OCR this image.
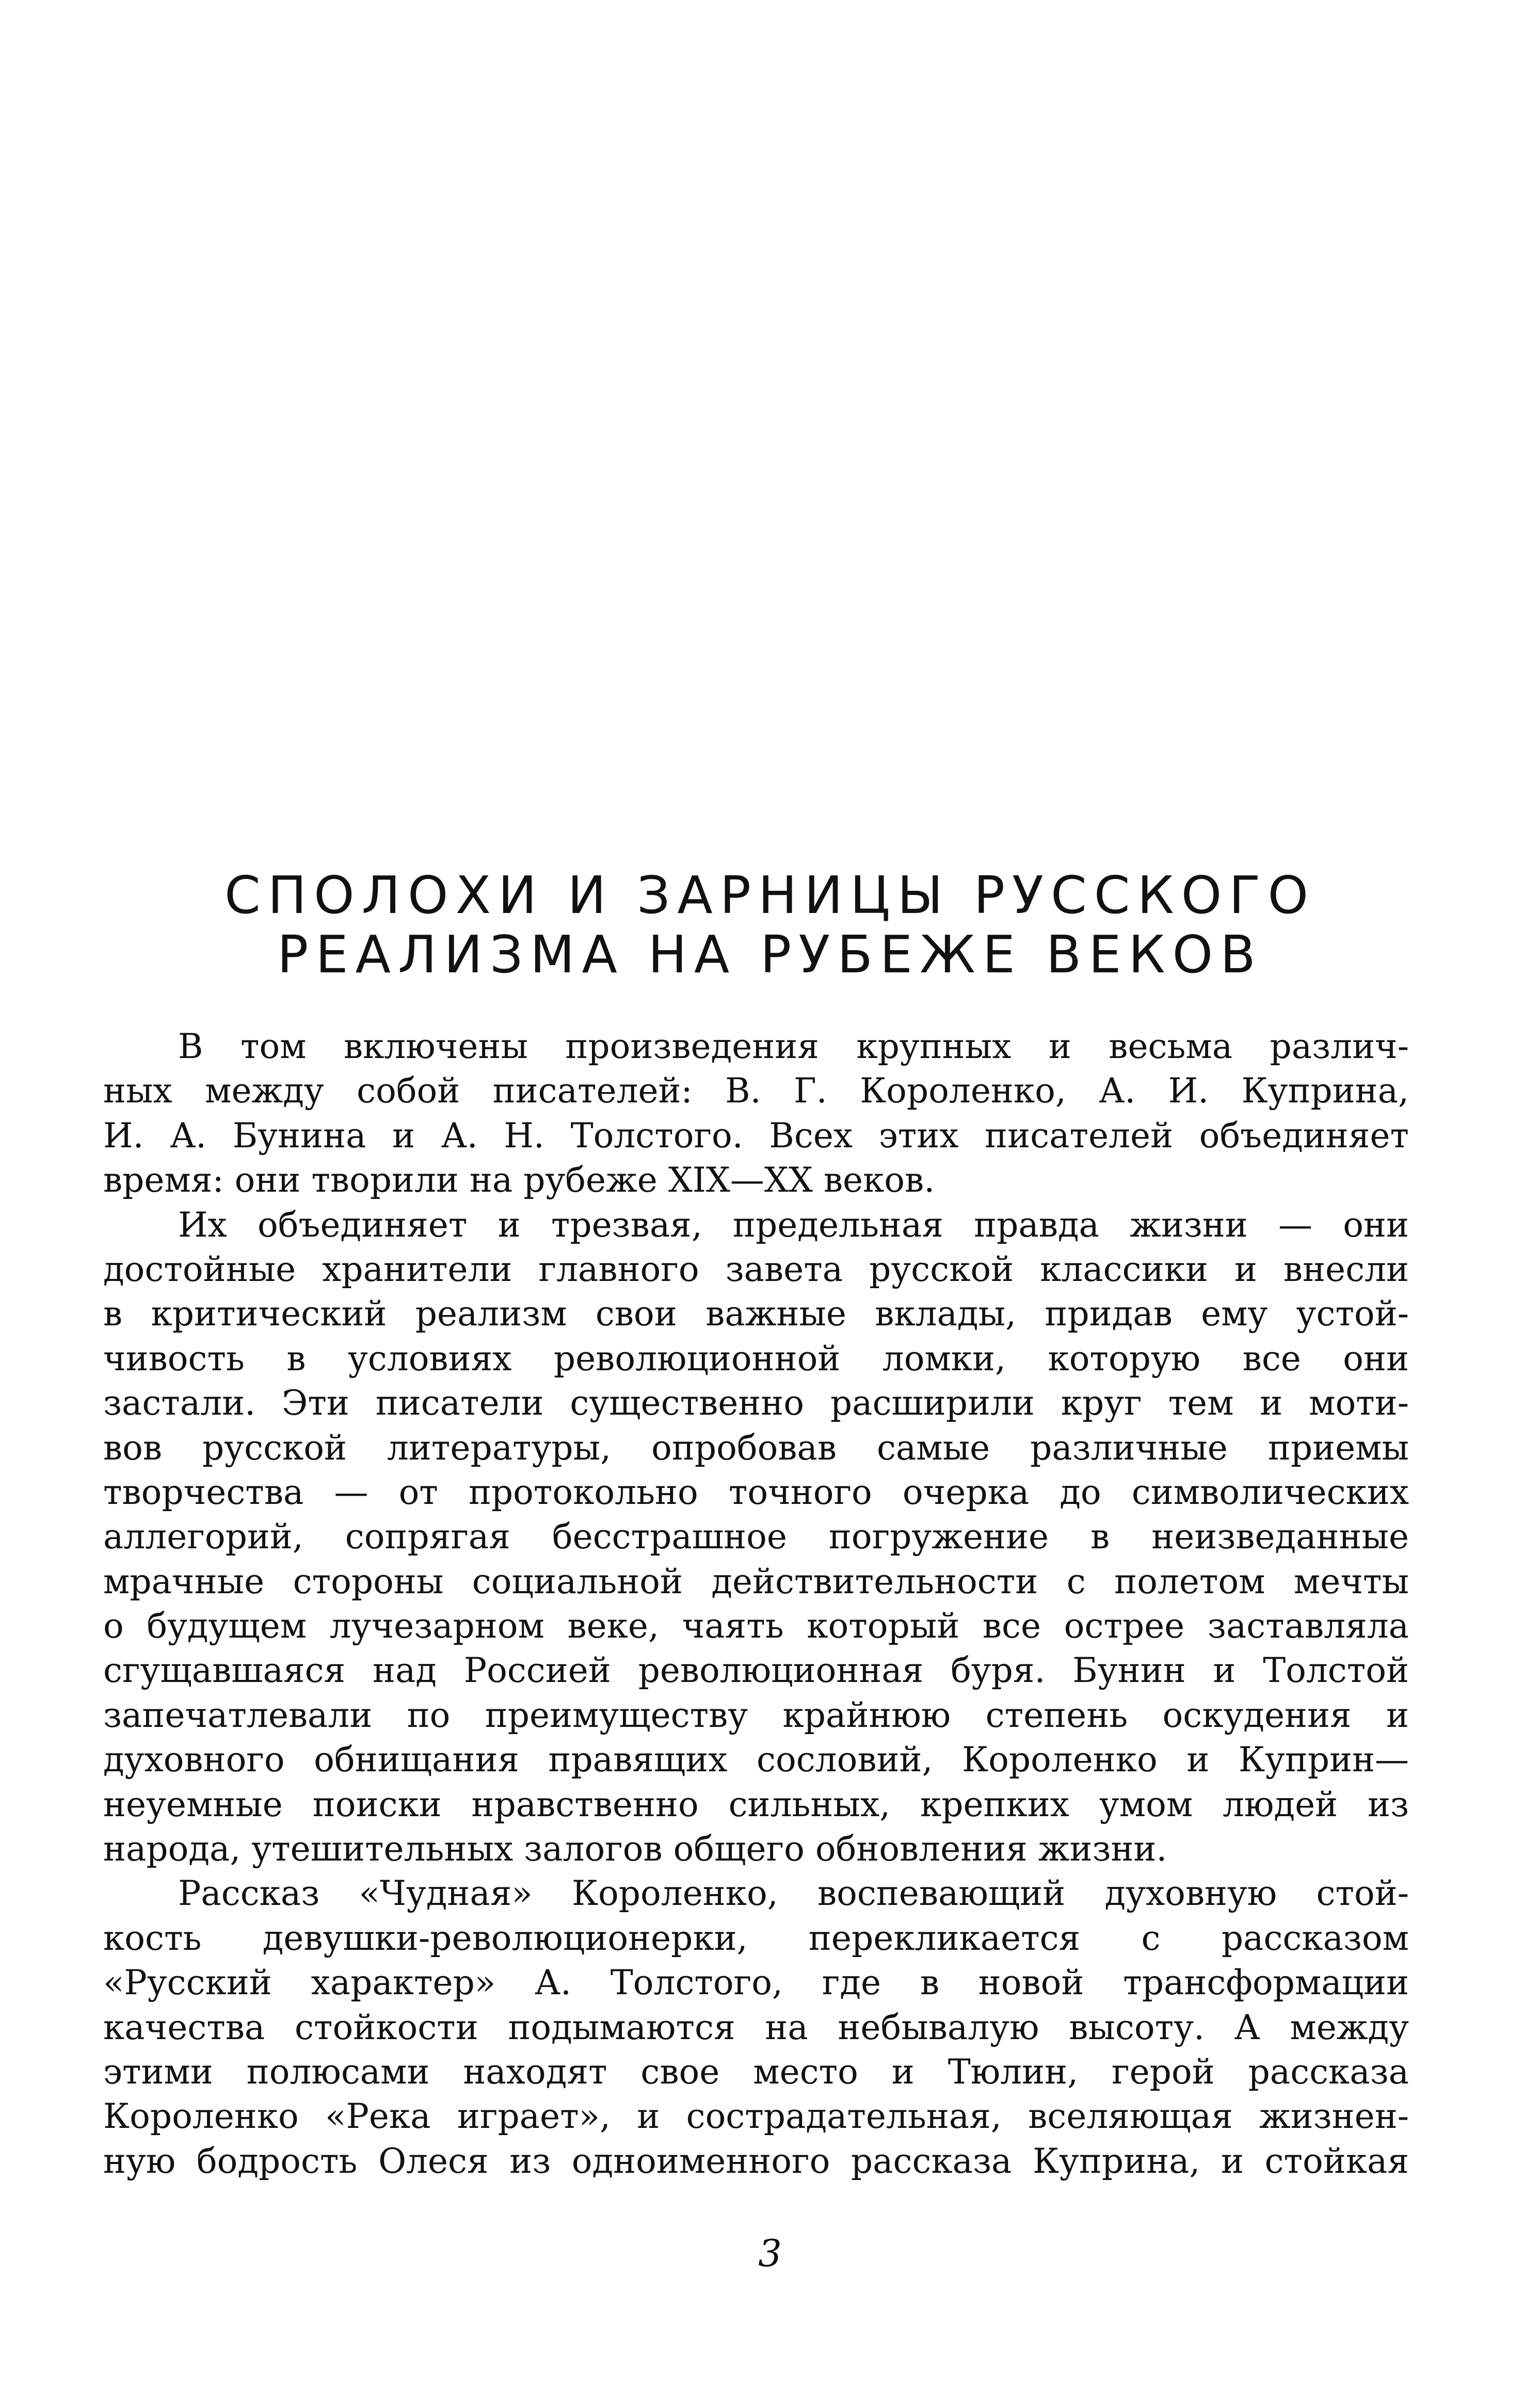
СПОЛОХИ И ЗАРНИЦЫ РУССКОГО
РЕАЛИЗМА НА РУБЕЖЕ ВЕКОВ
В том включены произведения крупных и весьма различ-
ных между собой писателей: В. Г. Короленко, А. И. Куприна,
И. А. Бунина и А. Н. Толстого. Всех этих писателей объединяет
время: они творили на рубеже XIX—XX веков.
Их объединяет и трезвая, предельная правда жизни — они
достойные хранители главного завета русской классики и внесли
в критический реализм свои важные вклады, придав ему устой-
чивость в условиях революционной ломки, которую все они
застали. Эти писатели существенно расширили круг тем и моти-
вов русской литературы, опробовав самые различные приемы
творчества — от протокольно точного очерка до символических
аллегорий, сопрягая бесстрашное погружение в неизведанные
мрачные стороны социальной действительности с полетом мечты
о будущем лучезарном веке, чаять который все острее заставляла
сгущавшаяся над Россией революционная буря. Бунин и Толстой
запечатлевали по преимуществу крайнюю степень оскудения и
духовного обнищания правящих сословий, Короленко и Куприн—
неуемные поиски нравственно сильных, крепких умом людей из
народа, утешительных залогов общего обновления жизни.
Рассказ «Чудная» Короленко, воспевающий духовную стой-
кость девушки-революционерки, перекликается с рассказом
«Русский характер» А. Толстого, где в новой трансформации
качества стойкости подымаются на небывалую высоту. А между
этими полюсами находят свое место и Тюлин, герой рассказа
Короленко «Река играет», и сострадательная, вселяющая жизнен-
ную бодрость Олеся из одноименного рассказа Куприна, и стойкая
3
